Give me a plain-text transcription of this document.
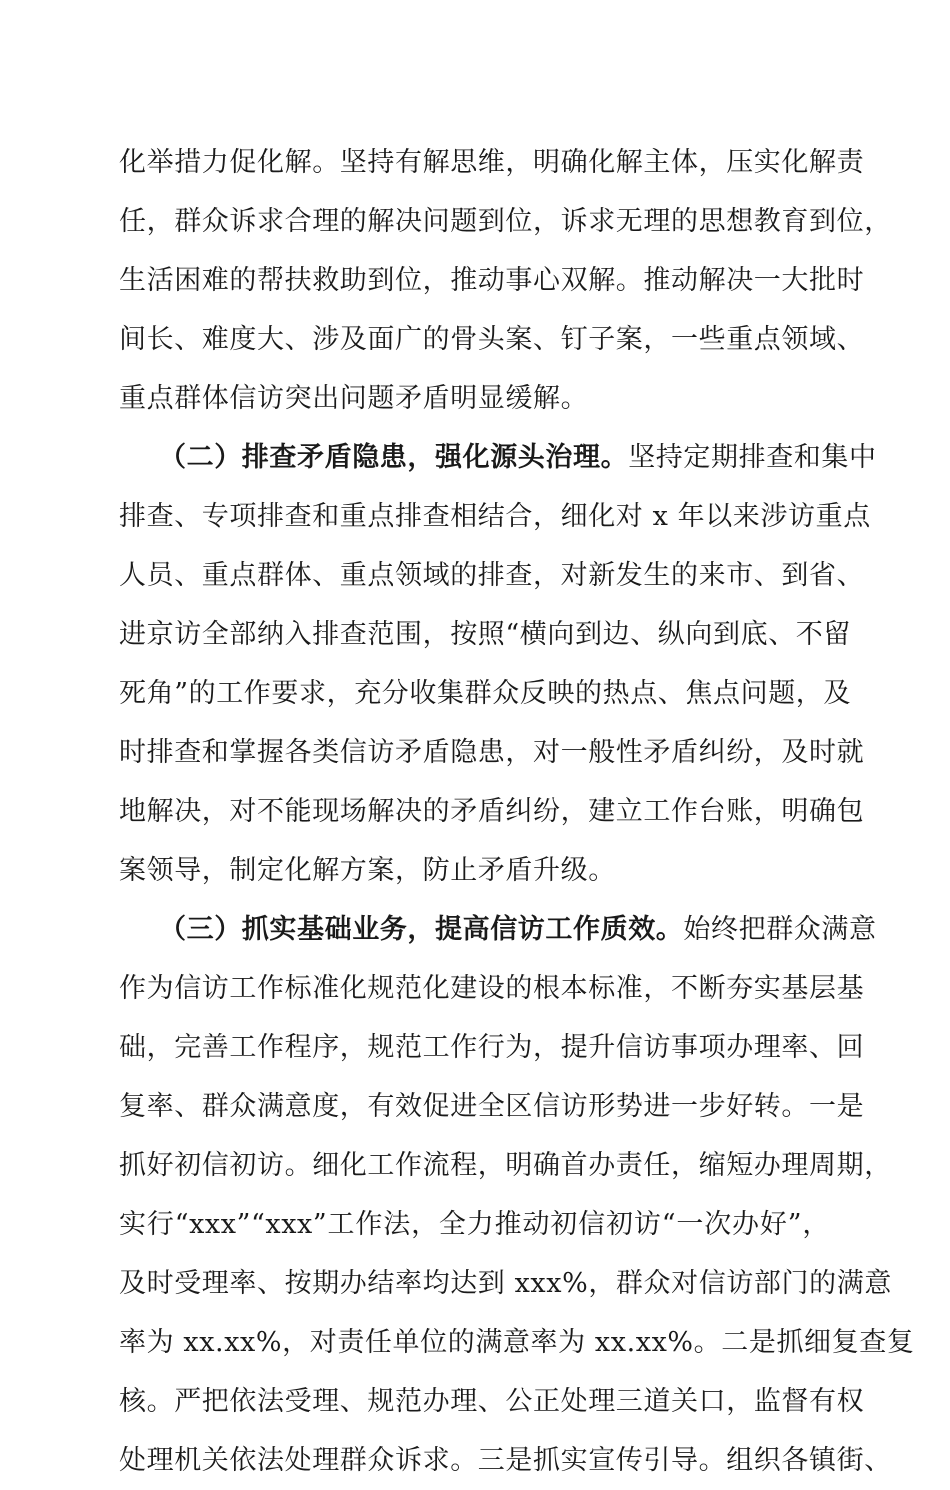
化举措力促化解。坚持有解思维，明确化解主体，压实化解责
任，群众诉求合理的解决问题到位，诉求无理的思想教育到位，
生活困难的帮扶救助到位，推动事心双解。推动解决一大批时
间长、难度大、涉及面广的骨头案、钉子案，一些重点领域、
重点群体信访突出问题矛盾明显缓解。
（二）排查矛盾隐患，强化源头治理。坚持定期排查和集中
排查、专项排查和重点排查相结合，细化对 x 年以来涉访重点
人员、重点群体、重点领域的排查，对新发生的来市、到省、
进京访全部纳入排查范围，按照“横向到边、纵向到底、不留
死角”的工作要求，充分收集群众反映的热点、焦点问题，及
时排查和掌握各类信访矛盾隐患，对一般性矛盾纠纷，及时就
地解决，对不能现场解决的矛盾纠纷，建立工作台账，明确包
案领导，制定化解方案，防止矛盾升级。
（三）抓实基础业务，提高信访工作质效。始终把群众满意
作为信访工作标准化规范化建设的根本标准，不断夯实基层基
础，完善工作程序，规范工作行为，提升信访事项办理率、回
复率、群众满意度，有效促进全区信访形势进一步好转。一是
抓好初信初访。细化工作流程，明确首办责任，缩短办理周期，
实行“xxx”“xxx”工作法，全力推动初信初访“一次办好”，
及时受理率、按期办结率均达到 xxx%，群众对信访部门的满意
率为 xx.xx%，对责任单位的满意率为 xx.xx%。二是抓细复查复
核。严把依法受理、规范办理、公正处理三道关口，监督有权
处理机关依法处理群众诉求。三是抓实宣传引导。组织各镇街、
